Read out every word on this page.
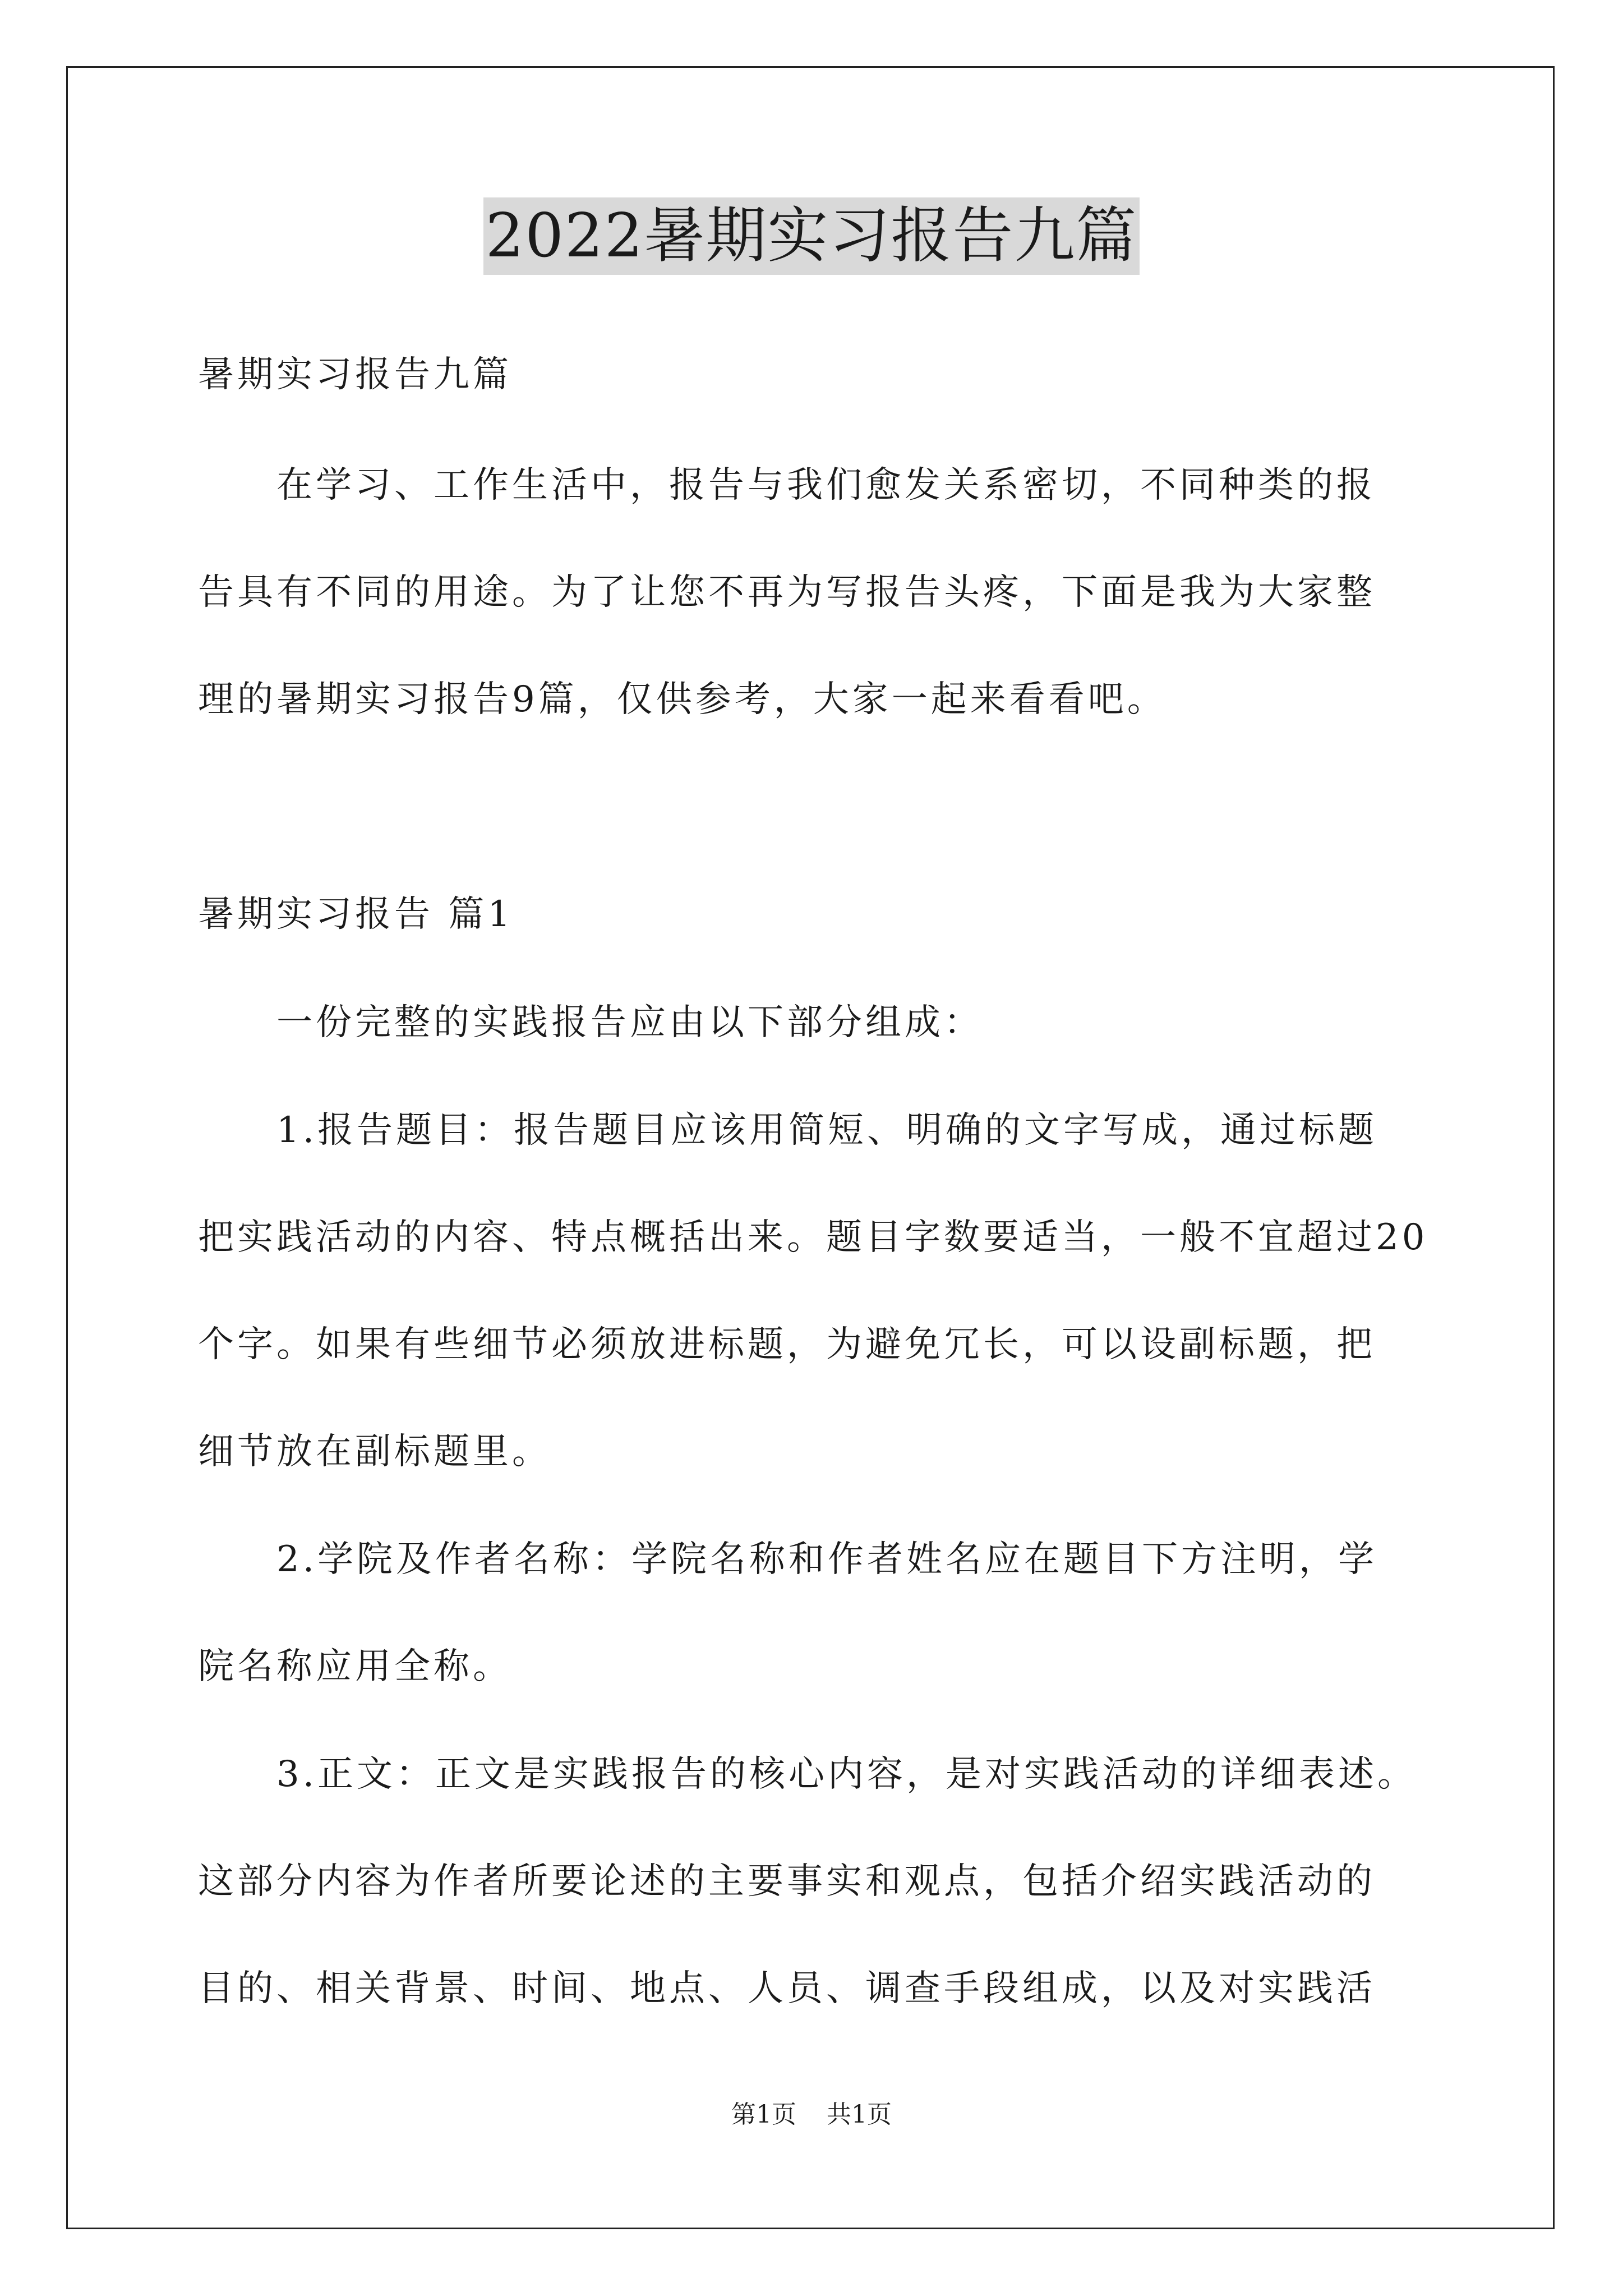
2022暑期实习报告九篇
暑期实习报告九篇
在学习、工作生活中，报告与我们愈发关系密切，不同种类的报
告具有不同的用途。为了让您不再为写报告头疼，下面是我为大家整
理的暑期实习报告9篇，仅供参考，大家一起来看看吧。
暑期实习报告 篇1
一份完整的实践报告应由以下部分组成：
1.报告题目：报告题目应该用简短、明确的文字写成，通过标题
把实践活动的内容、特点概括出来。题目字数要适当，一般不宜超过20
个字。如果有些细节必须放进标题，为避免冗长，可以设副标题，把
细节放在副标题里。
2.学院及作者名称：学院名称和作者姓名应在题目下方注明，学
院名称应用全称。
3.正文：正文是实践报告的核心内容，是对实践活动的详细表述。
这部分内容为作者所要论述的主要事实和观点，包括介绍实践活动的
目的、相关背景、时间、地点、人员、调查手段组成，以及对实践活
第1页 共1页
